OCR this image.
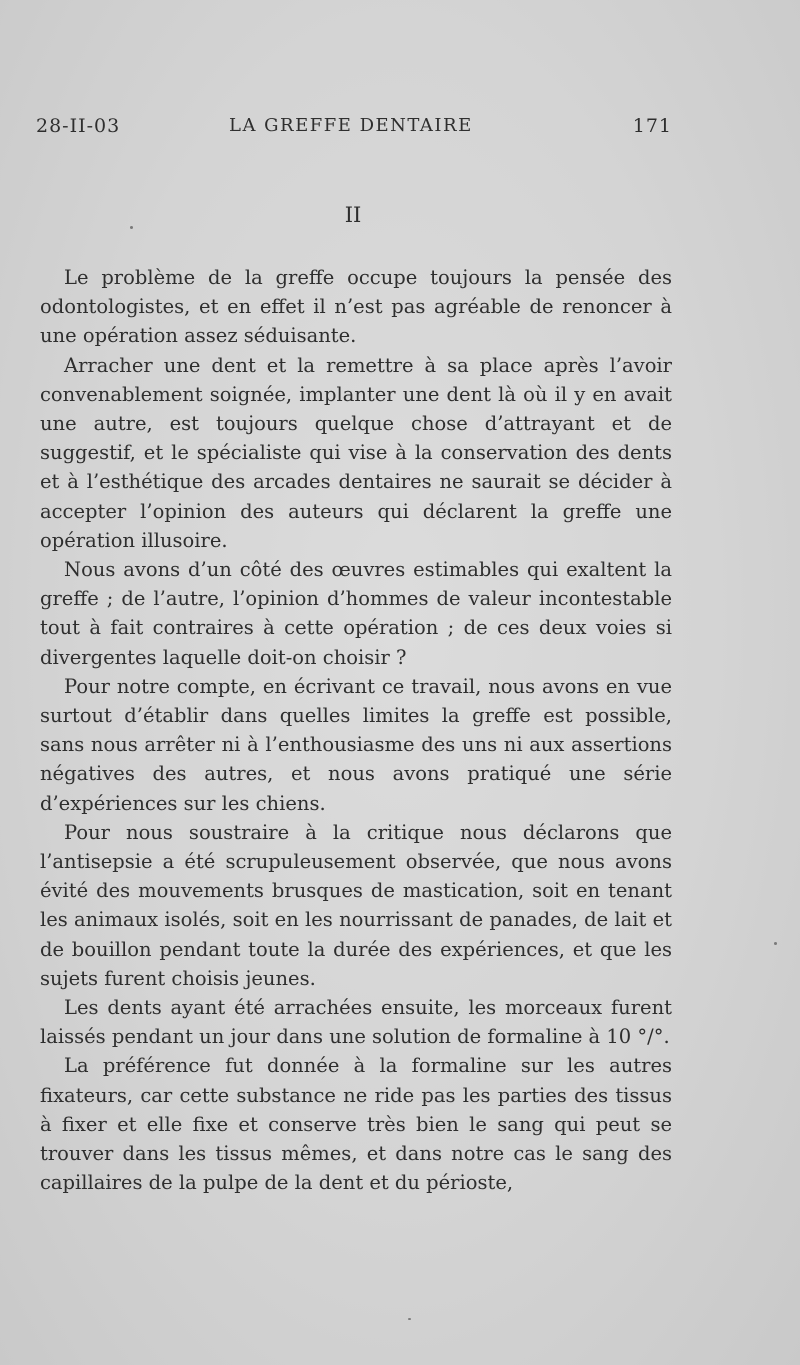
28-II-03	LA GREFFE DENTAIRE	171
II

Le problème de la greffe occupe toujours la pensée des odontologistes, et en effet il n’est pas agréable de renoncer à une opération assez séduisante.

Arracher une dent et la remettre à sa place après l’avoir convenablement soignée, implanter une dent là où il y en avait une autre, est toujours quelque chose d’attrayant et de suggestif, et le spécialiste qui vise à la conservation des dents et à l’esthétique des arcades dentaires ne saurait se décider à accepter l’opinion des auteurs qui déclarent la greffe une opération illusoire.

Nous avons d’un côté des œuvres estimables qui exaltent la greffe ; de l’autre, l’opinion d’hommes de valeur incontestable tout à fait contraires à cette opération ; de ces deux voies si divergentes laquelle doit-on choisir ?

Pour notre compte, en écrivant ce travail, nous avons en vue surtout d’établir dans quelles limites la greffe est possible, sans nous arrêter ni à l’enthousiasme des uns ni aux assertions négatives des autres, et nous avons pratiqué une série d’expériences sur les chiens.

Pour nous soustraire à la critique nous déclarons que l’antisepsie a été scrupuleusement observée, que nous avons évité des mouvements brusques de mastication, soit en tenant les animaux isolés, soit en les nourrissant de panades, de lait et de bouillon pendant toute la durée des expériences, et que les sujets furent choisis jeunes.

Les dents ayant été arrachées ensuite, les morceaux furent laissés pendant un jour dans une solution de formaline à 10 °/°.

La préférence fut donnée à la formaline sur les autres fixateurs, car cette substance ne ride pas les parties des tissus à fixer et elle fixe et conserve très bien le sang qui peut se trouver dans les tissus mêmes, et dans notre cas le sang des capillaires de la pulpe de la dent et du périoste,
